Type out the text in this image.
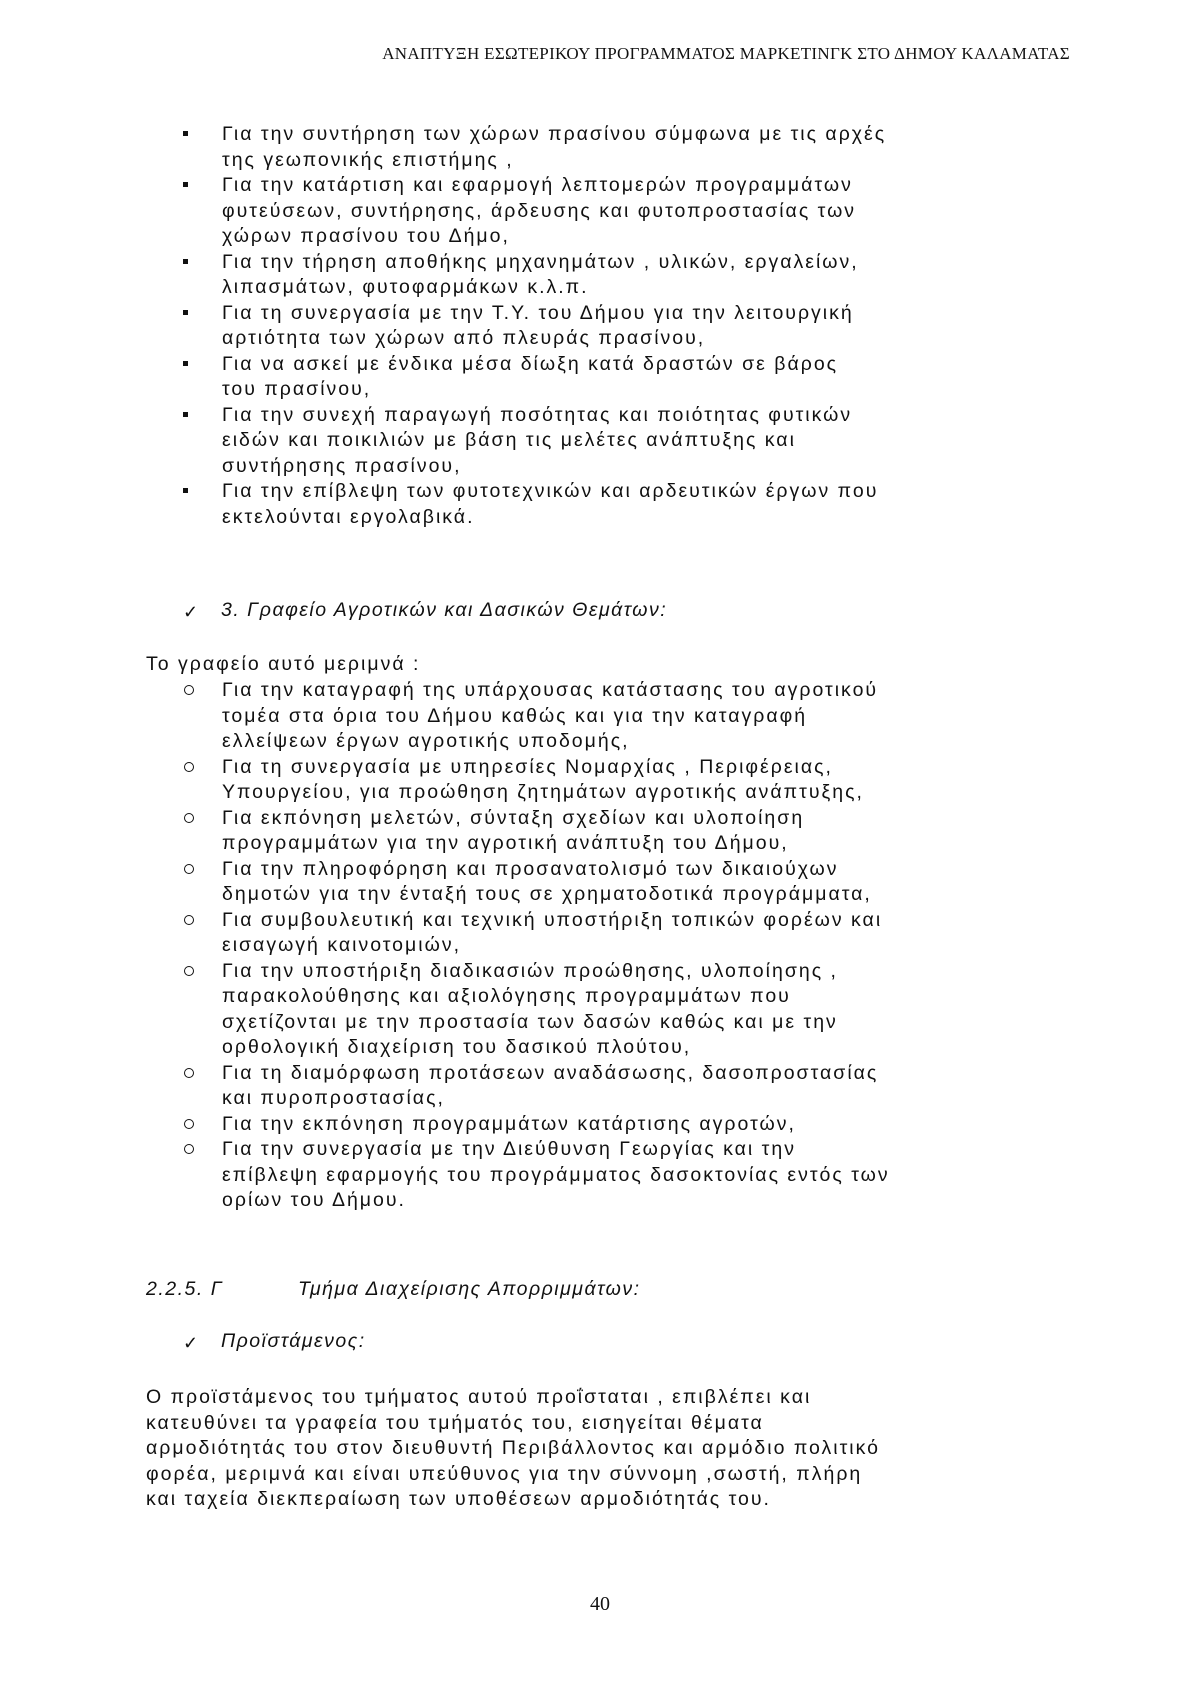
ΑΝΑΠΤΥΞΗ ΕΣΩΤΕΡΙΚΟΥ ΠΡΟΓΡΑΜΜΑΤΟΣ ΜΑΡΚΕΤΙΝΓΚ ΣΤΟ ΔΗΜΟΥ ΚΑΛΑΜΑΤΑΣ
Για την συντήρηση των χώρων πρασίνου σύμφωνα με τις αρχές
της γεωπονικής επιστήμης ,
Για την κατάρτιση και εφαρμογή λεπτομερών προγραμμάτων
φυτεύσεων, συντήρησης, άρδευσης και φυτοπροστασίας των
χώρων πρασίνου του Δήμο,
Για την τήρηση αποθήκης μηχανημάτων , υλικών, εργαλείων,
λιπασμάτων, φυτοφαρμάκων κ.λ.π.
Για τη συνεργασία με την Τ.Υ. του Δήμου για την λειτουργική
αρτιότητα των χώρων από πλευράς πρασίνου,
Για να ασκεί με ένδικα μέσα δίωξη κατά δραστών σε βάρος
του πρασίνου,
Για την συνεχή παραγωγή ποσότητας και ποιότητας φυτικών
ειδών και ποικιλιών με βάση τις μελέτες ανάπτυξης και
συντήρησης πρασίνου,
Για την επίβλεψη των φυτοτεχνικών και αρδευτικών έργων που
εκτελούνται εργολαβικά.
✓ 3. Γραφείο Αγροτικών και Δασικών Θεμάτων:
Το γραφείο αυτό μεριμνά :
Για την καταγραφή της υπάρχουσας κατάστασης του αγροτικού
τομέα στα όρια του Δήμου καθώς και για την καταγραφή
ελλείψεων έργων αγροτικής υποδομής,
Για τη συνεργασία με υπηρεσίες Νομαρχίας , Περιφέρειας,
Υπουργείου, για προώθηση ζητημάτων αγροτικής ανάπτυξης,
Για εκπόνηση μελετών, σύνταξη σχεδίων και υλοποίηση
προγραμμάτων για την αγροτική ανάπτυξη του Δήμου,
Για την πληροφόρηση και προσανατολισμό των δικαιούχων
δημοτών για την ένταξή τους σε χρηματοδοτικά προγράμματα,
Για συμβουλευτική και τεχνική υποστήριξη τοπικών φορέων και
εισαγωγή καινοτομιών,
Για την υποστήριξη διαδικασιών προώθησης, υλοποίησης ,
παρακολούθησης και αξιολόγησης προγραμμάτων που
σχετίζονται με την προστασία των δασών καθώς και με την
ορθολογική διαχείριση του δασικού πλούτου,
Για τη διαμόρφωση προτάσεων αναδάσωσης, δασοπροστασίας
και πυροπροστασίας,
Για την εκπόνηση προγραμμάτων κατάρτισης αγροτών,
Για την συνεργασία με την Διεύθυνση Γεωργίας και την
επίβλεψη εφαρμογής του προγράμματος δασοκτονίας εντός των
ορίων του Δήμου.
2.2.5. Γ	Τμήμα Διαχείρισης Απορριμμάτων:
✓ Προϊστάμενος:
Ο προϊστάμενος του τμήματος αυτού προΐσταται , επιβλέπει και
κατευθύνει τα γραφεία του τμήματός του, εισηγείται θέματα
αρμοδιότητάς του στον διευθυντή Περιβάλλοντος και αρμόδιο πολιτικό
φορέα, μεριμνά και είναι υπεύθυνος για την σύννομη ,σωστή, πλήρη
και ταχεία διεκπεραίωση των υποθέσεων αρμοδιότητάς του.
40
